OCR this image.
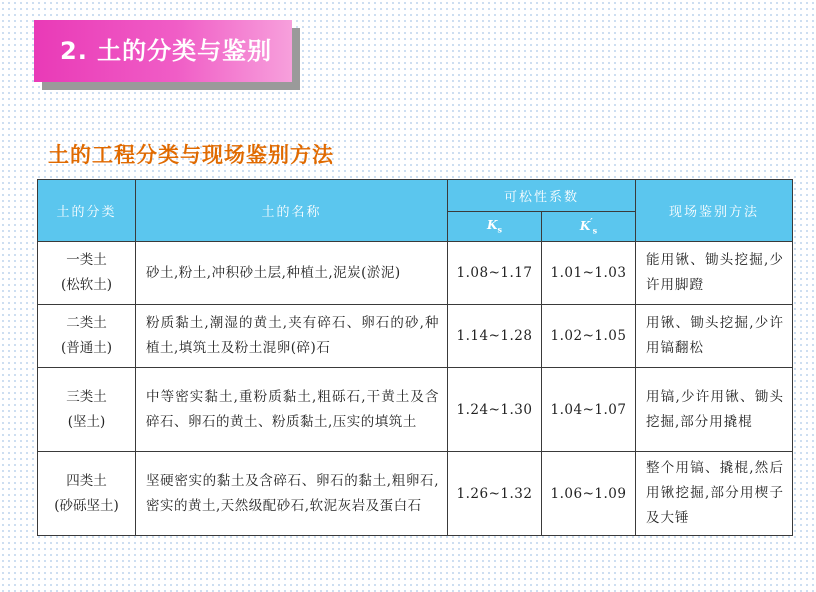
2. 土的分类与鉴别
土的工程分类与现场鉴别方法
土的分类	土的名称	可松性系数		现场鉴别方法
		$K_s$	$K'_s$

一类土
(松软土)	砂土,粉土,冲积砂土层,种植土,泥炭(淤泥)	1.08~1.17	1.01~1.03	能用锹、锄头挖掘,少许用脚蹬

二类土
(普通土)	粉质黏土,潮湿的黄土,夹有碎石、卵石的砂,种植土,填筑土及粉土混卵(碎)石	1.14~1.28	1.02~1.05	用锹、锄头挖掘,少许用镐翻松

三类土
(坚土)	中等密实黏土,重粉质黏土,粗砾石,干黄土及含碎石、卵石的黄土、粉质黏土,压实的填筑土	1.24~1.30	1.04~1.07	用镐,少许用锹、锄头挖掘,部分用撬棍

四类土
(砂砾坚土)	坚硬密实的黏土及含碎石、卵石的黏土,粗卵石,密实的黄土,天然级配砂石,软泥灰岩及蛋白石	1.26~1.32	1.06~1.09	整个用镐、撬棍,然后用锹挖掘,部分用楔子及大锤
